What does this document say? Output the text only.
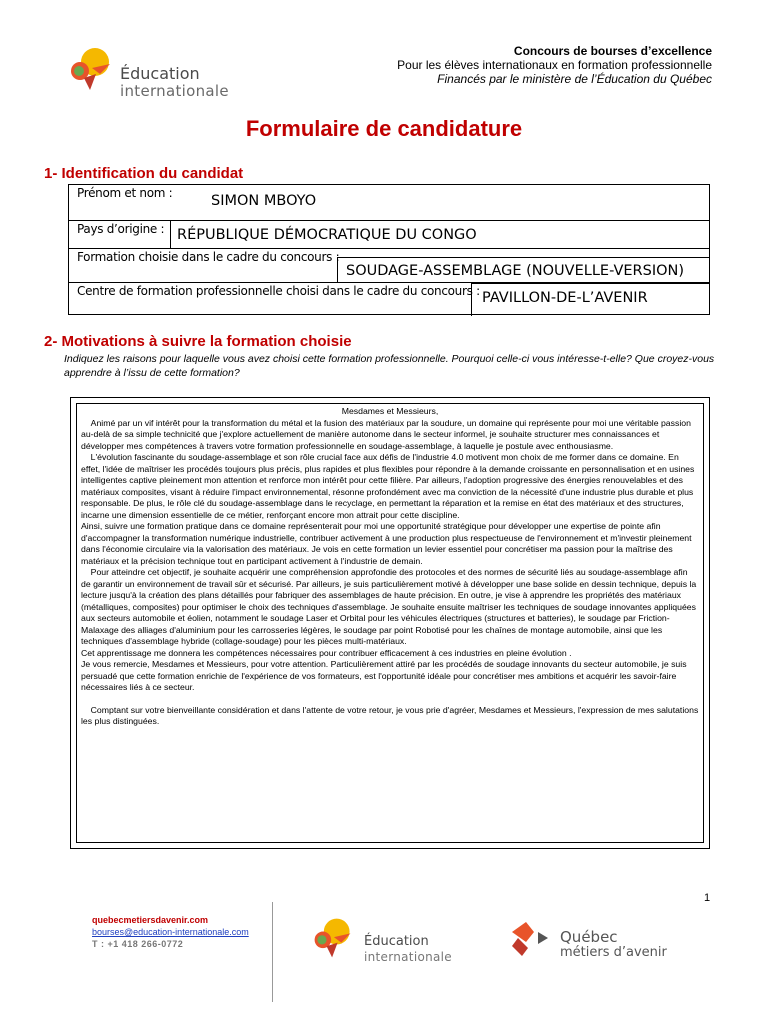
Éducation
internationale
Concours de bourses d’excellence
Pour les élèves internationaux en formation professionnelle
Financés par le ministère de l’Éducation du Québec
Formulaire de candidature
1- Identification du candidat
Prénom et nom :	SIMON MBOYO
Pays d’origine : RÉPUBLIQUE DÉMOCRATIQUE DU CONGO
Formation choisie dans le cadre du concours :
SOUDAGE-ASSEMBLAGE (NOUVELLE-VERSION)
Centre de formation professionnelle choisi dans le cadre du concours : PAVILLON-DE-L’AVENIR
2- Motivations à suivre la formation choisie
Indiquez les raisons pour laquelle vous avez choisi cette formation professionnelle. Pourquoi celle-ci vous intéresse-t-elle? Que croyez-vous apprendre à l’issu de cette formation?

Mesdames et Messieurs,

Animé par un vif intérêt pour la transformation du métal et la fusion des matériaux par la soudure, un domaine qui représente pour moi une véritable passion au-delà de sa simple technicité que j'explore actuellement de manière autonome dans le secteur informel, je souhaite structurer mes connaissances et développer mes compétences à travers votre formation professionnelle en soudage-assemblage, à laquelle je postule avec enthousiasme.

L'évolution fascinante du soudage-assemblage et son rôle crucial face aux défis de l'industrie 4.0 motivent mon choix de me former dans ce domaine. En effet, l'idée de maîtriser les procédés toujours plus précis, plus rapides et plus flexibles pour répondre à la demande croissante en personnalisation et en usines intelligentes captive pleinement mon attention et renforce mon intérêt pour cette filière. Par ailleurs, l'adoption progressive des énergies renouvelables et des matériaux composites, visant à réduire l'impact environnemental, résonne profondément avec ma conviction de la nécessité d'une industrie plus durable et plus responsable. De plus, le rôle clé du soudage-assemblage dans le recyclage, en permettant la réparation et la remise en état des matériaux et des structures, incarne une dimension essentielle de ce métier, renforçant encore mon attrait pour cette discipline.

Ainsi, suivre une formation pratique dans ce domaine représenterait pour moi une opportunité stratégique pour développer une expertise de pointe afin d'accompagner la transformation numérique industrielle, contribuer activement à une production plus respectueuse de l'environnement et m'investir pleinement dans l'économie circulaire via la valorisation des matériaux. Je vois en cette formation un levier essentiel pour concrétiser ma passion pour la maîtrise des matériaux et la précision technique tout en participant activement à l'industrie de demain.

Pour atteindre cet objectif, je souhaite acquérir une compréhension approfondie des protocoles et des normes de sécurité liés au soudage-assemblage afin de garantir un environnement de travail sûr et sécurisé. Par ailleurs, je suis particulièrement motivé à développer une base solide en dessin technique, depuis la lecture jusqu'à la création des plans détaillés pour fabriquer des assemblages de haute précision. En outre, je vise à apprendre les propriétés des matériaux (métalliques, composites) pour optimiser le choix des techniques d'assemblage. Je souhaite ensuite maîtriser les techniques de soudage innovantes appliquées aux secteurs automobile et éolien, notamment le soudage Laser et Orbital pour les véhicules électriques (structures et batteries), le soudage par Friction-Malaxage des alliages d'aluminium pour les carrosseries légères, le soudage par point Robotisé pour les chaînes de montage automobile, ainsi que les techniques d'assemblage hybride (collage-soudage) pour les pièces multi-matériaux.

Cet apprentissage me donnera les compétences nécessaires pour contribuer efficacement à ces industries en pleine évolution .

Je vous remercie, Mesdames et Messieurs, pour votre attention. Particulièrement attiré par les procédés de soudage innovants du secteur automobile, je suis persuadé que cette formation enrichie de l'expérience de vos formateurs, est l'opportunité idéale pour concrétiser mes ambitions et acquérir les savoir-faire nécessaires liés à ce secteur.

Comptant sur votre bienveillante considération et dans l'attente de votre retour, je vous prie d'agréer, Mesdames et Messieurs, l'expression de mes salutations les plus distinguées.

1
quebecmetiersdavenir.com
bourses@education-internationale.com
T : +1 418 266-0772	Éducation
internationale
Québec
métiers d’avenir
